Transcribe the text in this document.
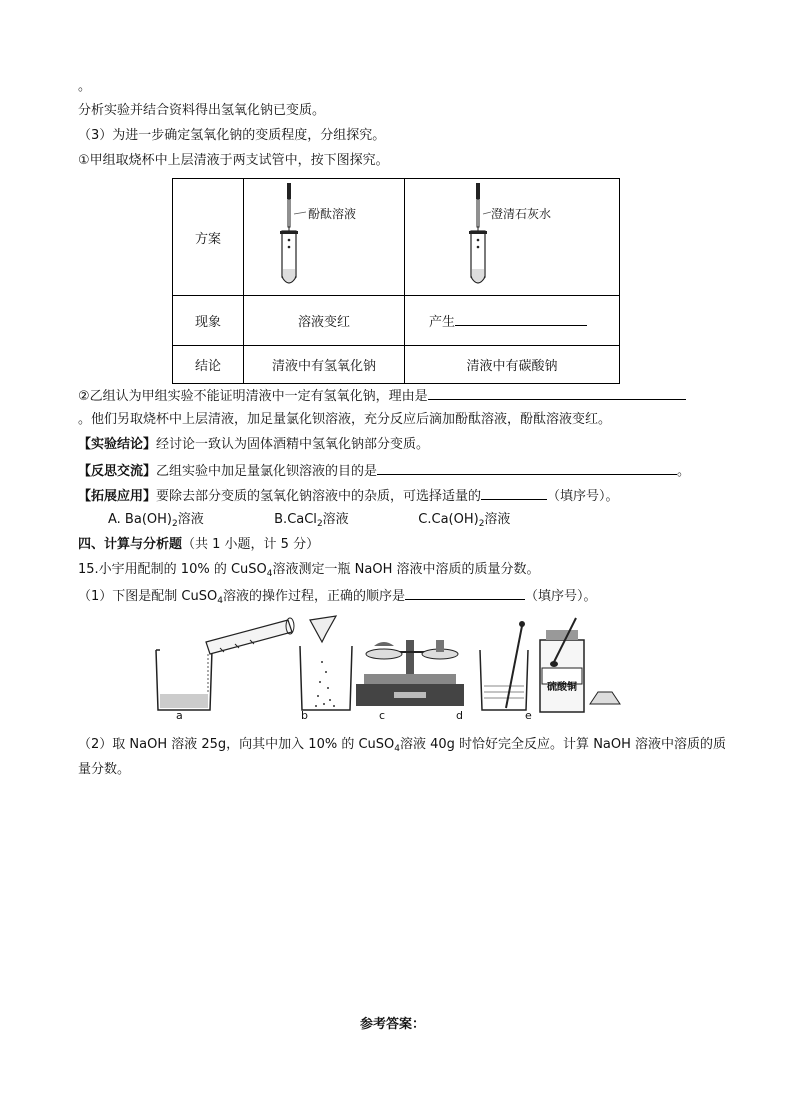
。
分析实验并结合资料得出氢氧化钠已变质。
（3）为进一步确定氢氧化钠的变质程度，分组探究。
①甲组取烧杯中上层清液于两支试管中，按下图探究。
方案	酚酞溶液	澄清石灰水

现象	溶液变红	产生
结论	清液中有氢氧化钠	清液中有碳酸钠
②乙组认为甲组实验不能证明清液中一定有氢氧化钠，理由是
。他们另取烧杯中上层清液，加足量氯化钡溶液，充分反应后滴加酚酞溶液，酚酞溶液变红。
【实验结论】经讨论一致认为固体酒精中氢氧化钠部分变质。
【反思交流】乙组实验中加足量氯化钡溶液的目的是	。
【拓展应用】要除去部分变质的氢氧化钠溶液中的杂质，可选择适量的	（填序号）。
A. Ba(OH)2溶液	B.CaCl2溶液	C.Ca(OH)2溶液
四、计算与分析题（共 1 小题，计 5 分）
15.小宇用配制的 10% 的 CuSO$_4$溶液测定一瓶 NaOH 溶液中溶质的质量分数。
（1）下图是配制 CuSO$_4$溶液的操作过程，正确的顺序是	（填序号）。
硫酸铜
a	b	c	d	e
（2）取 NaOH 溶液 25g，向其中加入 10% 的 CuSO$_4$溶液 40g 时恰好完全反应。计算 NaOH 溶液中溶质的质
量分数。
参考答案：
